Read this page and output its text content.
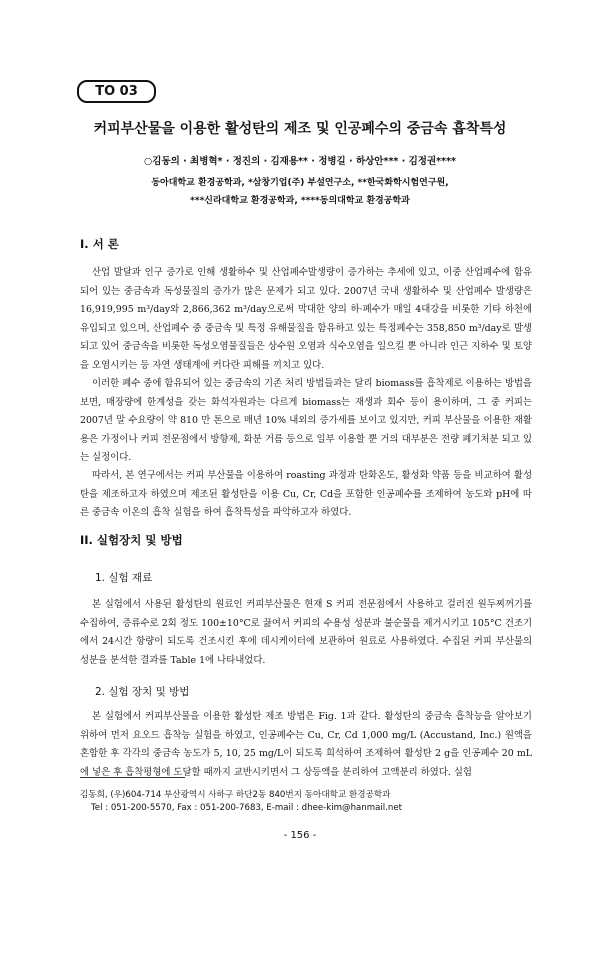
TO 03
커피부산물을 이용한 활성탄의 제조 및 인공폐수의 중금속 흡착특성
○김동의 · 최병혁* · 정진의 · 김재용** · 정병길 · 하상안*** · 김정권****
동아대학교 환경공학과, *삼창기업(주) 부설연구소, **한국화학시험연구원,
***신라대학교 환경공학과, ****동의대학교 환경공학과
I. 서 론
산업 발달과 인구 증가로 인해 생활하수 및 산업폐수발생량이 증가하는 추세에 있고, 이중 산업폐수에 함유되어 있는 중금속과 독성물질의 증가가 많은 문제가 되고 있다. 2007년 국내 생활하수 및 산업폐수 발생량은 16,919,995 m³/day와 2,866,362 m³/day으로써 막대한 양의 하·폐수가 매일 4대강을 비롯한 기타 하천에 유입되고 있으며, 산업폐수 중 중금속 및 특정 유해물질을 함유하고 있는 특정폐수는 358,850 m³/day로 발생되고 있어 중금속을 비롯한 독성오염물질들은 상수원 오염과 식수오염을 일으킬 뿐 아니라 인근 지하수 및 토양을 오염시키는 등 자연 생태계에 커다란 피해를 끼치고 있다.
이러한 폐수 중에 함유되어 있는 중금속의 기존 처리 방법들과는 달리 biomass를 흡착제로 이용하는 방법을 보면, 매장량에 한계성을 갖는 화석자원과는 다르게 biomass는 재생과 회수 등이 용이하며, 그 중 커피는 2007년 말 수요량이 약 810 만 톤으로 매년 10% 내외의 증가세를 보이고 있지만, 커피 부산물을 이용한 재활용은 가정이나 커피 전문점에서 방향제, 화분 거름 등으로 일부 이용할 뿐 거의 대부분은 전량 폐기처분 되고 있는 실정이다.
따라서, 본 연구에서는 커피 부산물을 이용하여 roasting 과정과 탄화온도, 활성화 약품 등을 비교하여 활성탄을 제조하고자 하였으며 제조된 활성탄을 이용 Cu, Cr, Cd을 포함한 인공폐수를 조제하여 농도와 pH에 따른 중금속 이온의 흡착 실험을 하여 흡착특성을 파악하고자 하였다.
II. 실험장치 및 방법
1. 실험 재료
본 실험에서 사용된 활성탄의 원료인 커피부산물은 현재 S 커피 전문점에서 사용하고 걸러진 원두찌꺼기를 수집하여, 증류수로 2회 정도 100±10°C로 끓여서 커피의 수용성 성분과 불순물을 제거시키고 105°C 건조기에서 24시간 항량이 되도록 건조시킨 후에 데시케이터에 보관하여 원료로 사용하였다. 수집된 커피 부산물의 성분을 분석한 결과를 Table 1에 나타내었다.
2. 실험 장치 및 방법
본 실험에서 커피부산물을 이용한 활성탄 제조 방법은 Fig. 1과 같다. 활성탄의 중금속 흡착능을 알아보기 위하여 먼저 요오드 흡착능 실험을 하였고, 인공폐수는 Cu, Cr, Cd 1,000 mg/L (Accustand, Inc.) 원액을 혼합한 후 각각의 중금속 농도가 5, 10, 25 mg/L이 되도록 희석하여 조제하여 활성탄 2 g을 인공폐수 20 mL에 넣은 후 흡착평형에 도달할 때까지 교반시키면서 그 상등액을 분리하여 고액분리 하였다. 실험
김동희, (우)604-714 부산광역시 사하구 하단2동 840번지 동아대학교 환경공학과
Tel : 051-200-5570, Fax : 051-200-7683, E-mail : dhee-kim@hanmail.net
- 156 -
